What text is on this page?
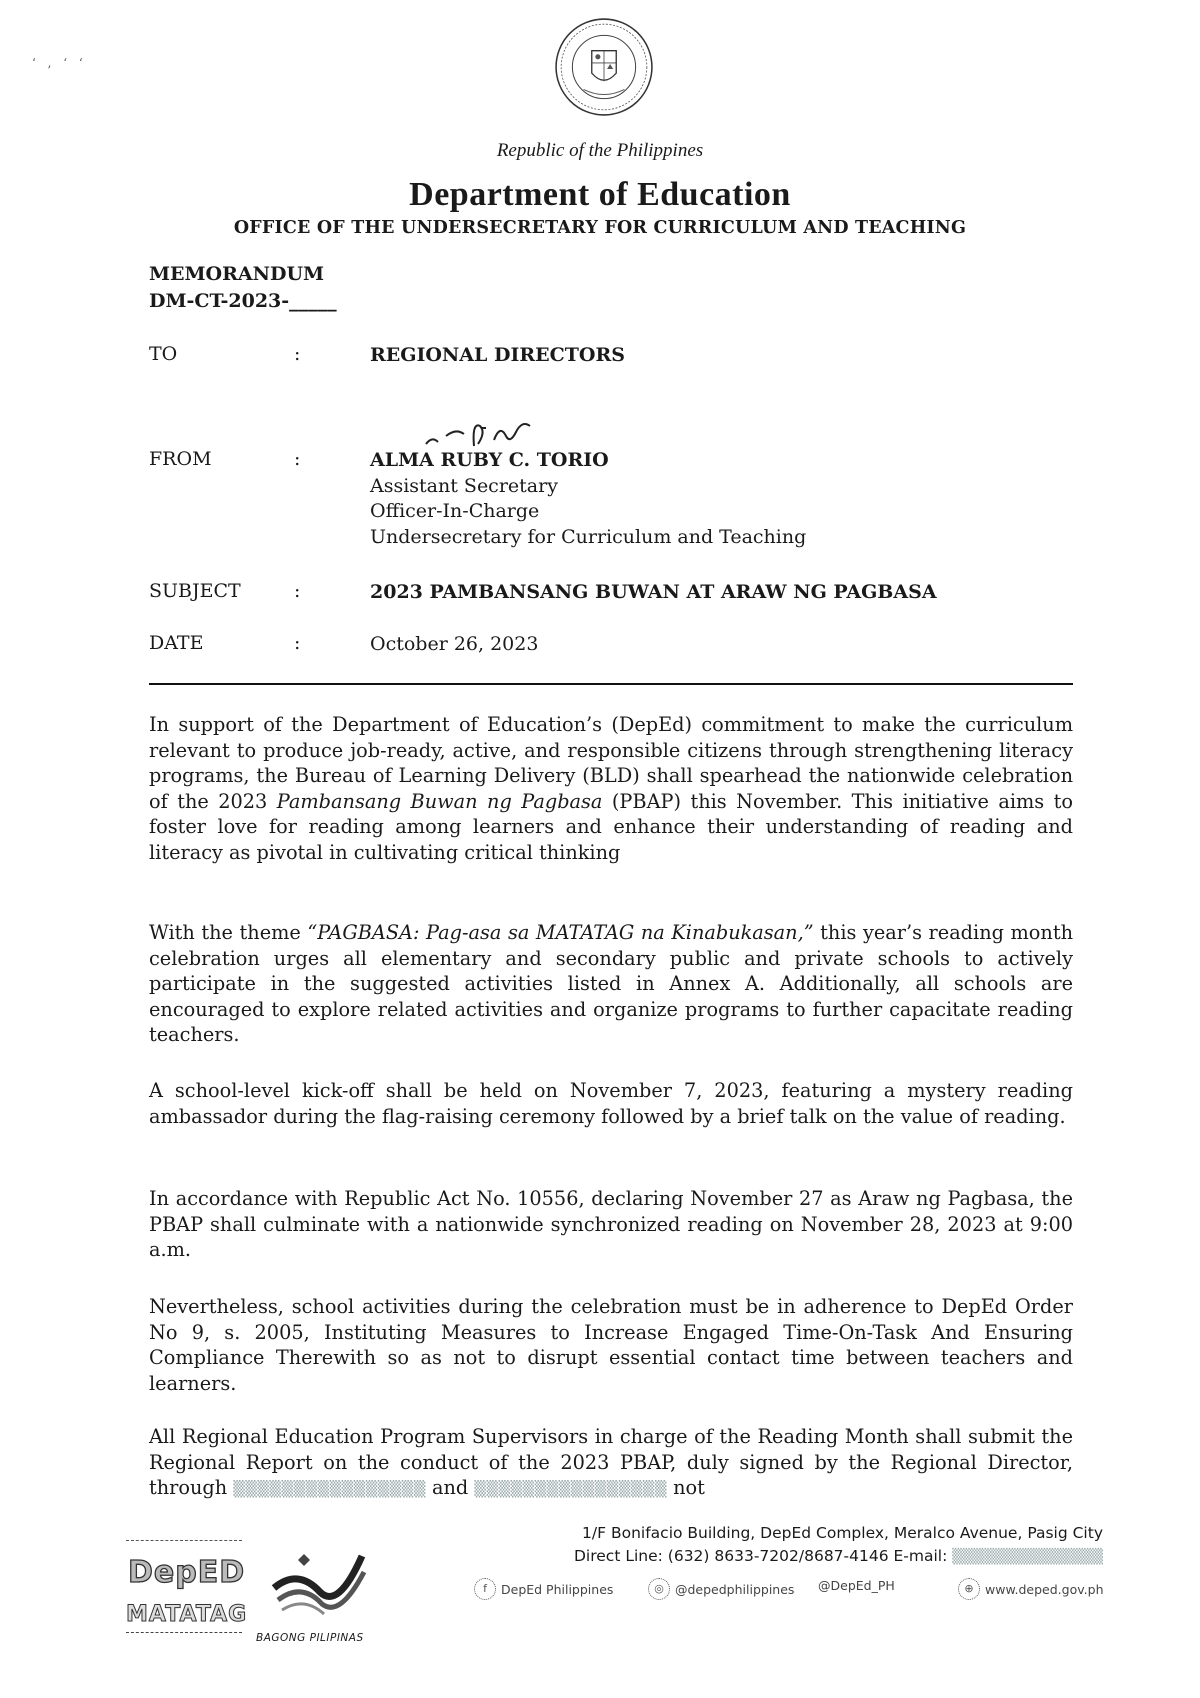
‘ , ‘ ‘
Republic of the Philippines
Department of Education
OFFICE OF THE UNDERSECRETARY FOR CURRICULUM AND TEACHING
MEMORANDUM
DM-CT-2023-_____
TO	:	REGIONAL DIRECTORS
FROM	:	ALMA RUBY C. TORIO
Assistant Secretary
Officer-In-Charge
Undersecretary for Curriculum and Teaching
SUBJECT	:	2023 PAMBANSANG BUWAN AT ARAW NG PAGBASA
DATE	:	October 26, 2023

In support of the Department of Education’s (DepEd) commitment to make the curriculum relevant to produce job-ready, active, and responsible citizens through strengthening literacy programs, the Bureau of Learning Delivery (BLD) shall spearhead the nationwide celebration of the 2023 Pambansang Buwan ng Pagbasa (PBAP) this November. This initiative aims to foster love for reading among learners and enhance their understanding of reading and literacy as pivotal in cultivating critical thinking

With the theme “PAGBASA: Pag-asa sa MATATAG na Kinabukasan,” this year’s reading month celebration urges all elementary and secondary public and private schools to actively participate in the suggested activities listed in Annex A. Additionally, all schools are encouraged to explore related activities and organize programs to further capacitate reading teachers.

A school-level kick-off shall be held on November 7, 2023, featuring a mystery reading ambassador during the flag-raising ceremony followed by a brief talk on the value of reading.

In accordance with Republic Act No. 10556, declaring November 27 as Araw ng Pagbasa, the PBAP shall culminate with a nationwide synchronized reading on November 28, 2023 at 9:00 a.m.

Nevertheless, school activities during the celebration must be in adherence to DepEd Order No 9, s. 2005, Instituting Measures to Increase Engaged Time-On-Task And Ensuring Compliance Therewith so as not to disrupt essential contact time between teachers and learners.

All Regional Education Program Supervisors in charge of the Reading Month shall submit the Regional Report on the conduct of the 2023 PBAP, duly signed by the Regional Director, through ▒▒▒▒▒▒▒▒▒▒▒▒▒▒▒▒ and ▒▒▒▒▒▒▒▒▒▒▒▒▒▒▒▒ not

DepED
MATATAG
BAGONG PILIPINAS
1/F Bonifacio Building, DepEd Complex, Meralco Avenue, Pasig City
Direct Line: (632) 8633-7202/8687-4146 E-mail: ▒▒▒▒▒▒▒▒▒▒▒▒▒▒
f	DepEd Philippines	◎ @depedphilippines @DepEd_PH	⊕ www.deped.gov.ph
